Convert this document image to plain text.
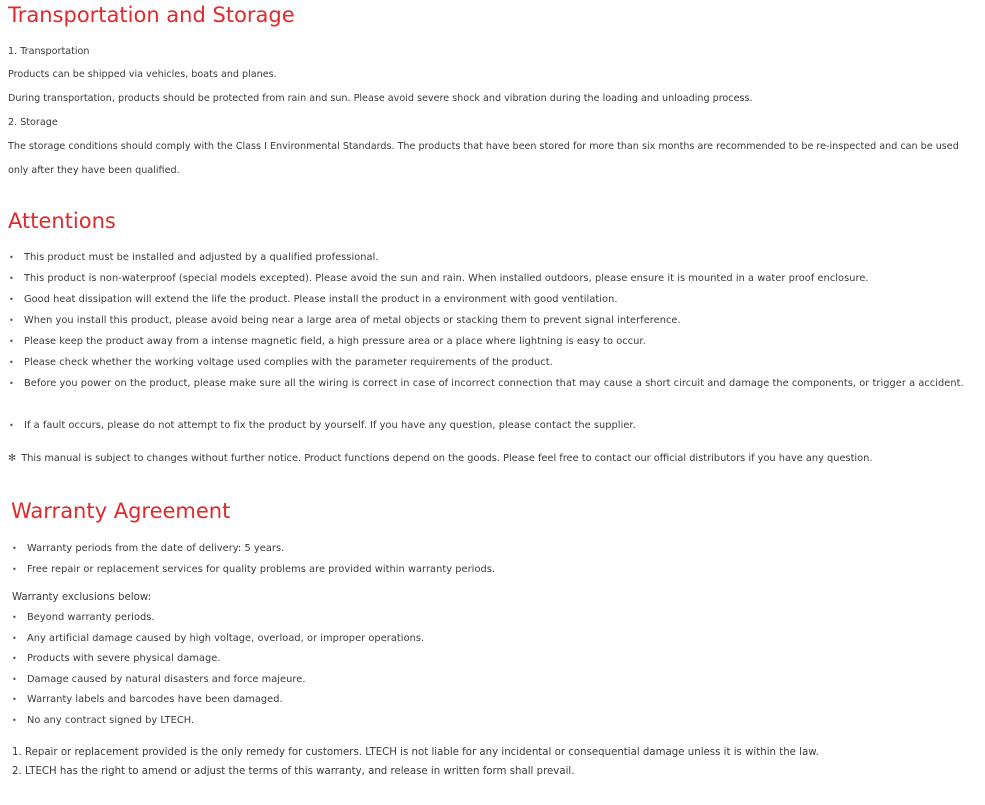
Transportation and Storage
1. Transportation
Products can be shipped via vehicles, boats and planes.
During transportation, products should be protected from rain and sun. Please avoid severe shock and vibration during the loading and unloading process.
2. Storage
The storage conditions should comply with the Class I Environmental Standards. The products that have been stored for more than six months are recommended to be re-inspected and can be used
only after they have been qualified.
Attentions
• This product must be installed and adjusted by a qualified professional.
• This product is non-waterproof (special models excepted). Please avoid the sun and rain. When installed outdoors, please ensure it is mounted in a water proof enclosure.
• Good heat dissipation will extend the life the product. Please install the product in a environment with good ventilation.
• When you install this product, please avoid being near a large area of metal objects or stacking them to prevent signal interference.
• Please keep the product away from a intense magnetic field, a high pressure area or a place where lightning is easy to occur.
• Please check whether the working voltage used complies with the parameter requirements of the product.
• Before you power on the product, please make sure all the wiring is correct in case of incorrect connection that may cause a short circuit and damage the components, or trigger a accident.
• If a fault occurs, please do not attempt to fix the product by yourself. If you have any question, please contact the supplier.
✻ This manual is subject to changes without further notice. Product functions depend on the goods. Please feel free to contact our official distributors if you have any question.
Warranty Agreement
• Warranty periods from the date of delivery: 5 years.
• Free repair or replacement services for quality problems are provided within warranty periods.
Warranty exclusions below:
• Beyond warranty periods.
• Any artificial damage caused by high voltage, overload, or improper operations.
• Products with severe physical damage.
• Damage caused by natural disasters and force majeure.
• Warranty labels and barcodes have been damaged.
• No any contract signed by LTECH.
1. Repair or replacement provided is the only remedy for customers. LTECH is not liable for any incidental or consequential damage unless it is within the law.
2. LTECH has the right to amend or adjust the terms of this warranty, and release in written form shall prevail.
